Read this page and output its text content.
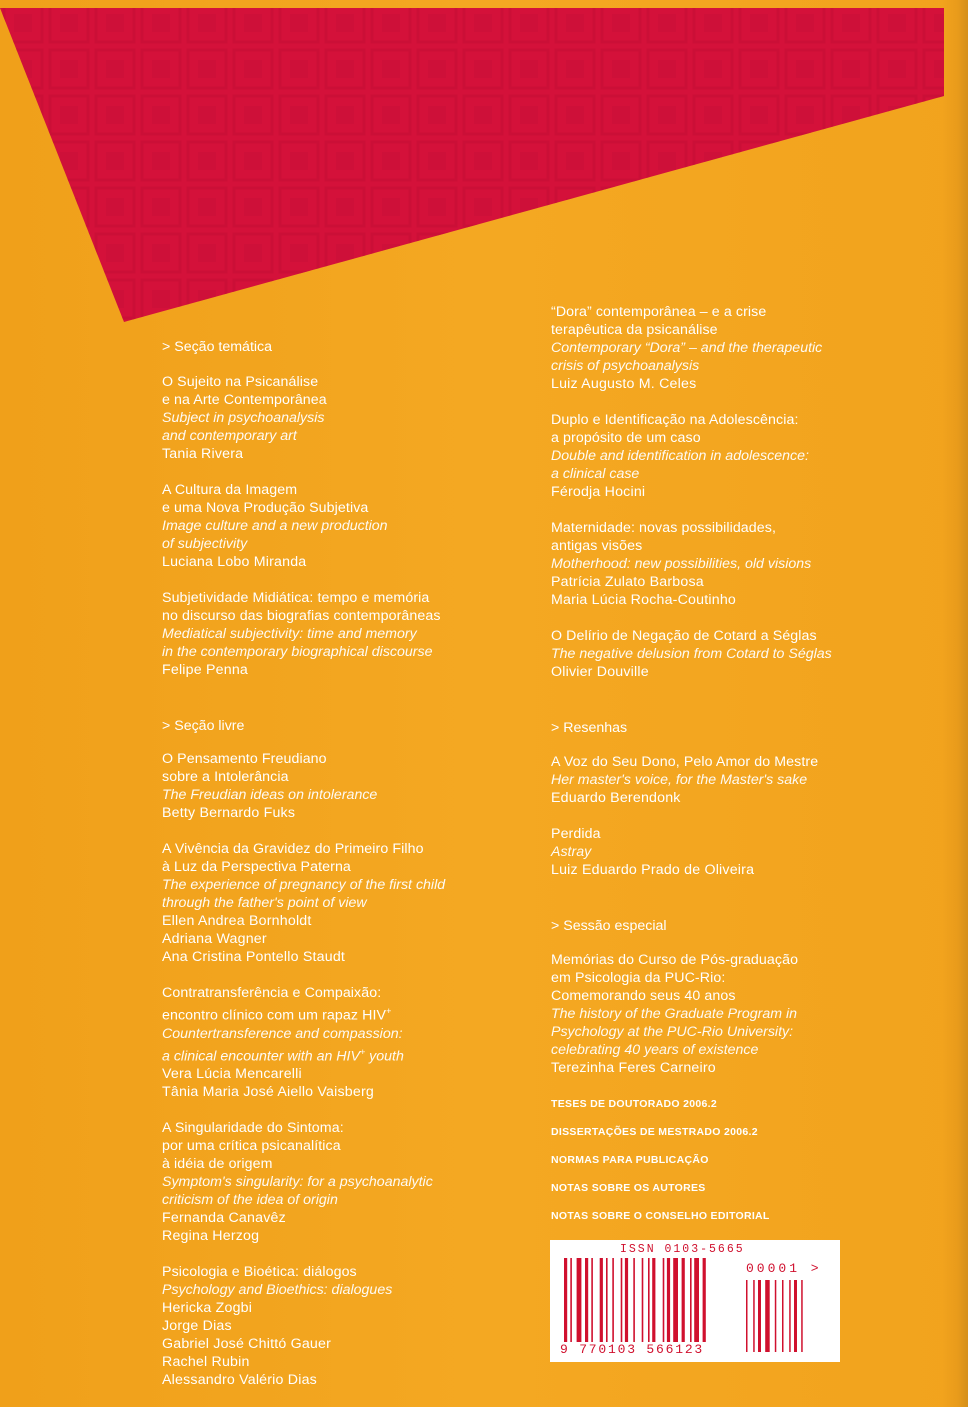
> Seção temática
O Sujeito na Psicanálise
e na Arte Contemporânea
Subject in psychoanalysis
and contemporary art
Tania Rivera
A Cultura da Imagem
e uma Nova Produção Subjetiva
Image culture and a new production
of subjectivity
Luciana Lobo Miranda
Subjetividade Midiática: tempo e memória
no discurso das biografias contemporâneas
Mediatical subjectivity: time and memory
in the contemporary biographical discourse
Felipe Penna
> Seção livre
O Pensamento Freudiano
sobre a Intolerância
The Freudian ideas on intolerance
Betty Bernardo Fuks
A Vivência da Gravidez do Primeiro Filho
à Luz da Perspectiva Paterna
The experience of pregnancy of the first child
through the father's point of view
Ellen Andrea Bornholdt
Adriana Wagner
Ana Cristina Pontello Staudt
Contratransferência e Compaixão:
encontro clínico com um rapaz HIV+
Countertransference and compassion:
a clinical encounter with an HIV+ youth
Vera Lúcia Mencarelli
Tânia Maria José Aiello Vaisberg
A Singularidade do Sintoma:
por uma crítica psicanalítica
à idéia de origem
Symptom's singularity: for a psychoanalytic
criticism of the idea of origin
Fernanda Canavêz
Regina Herzog
Psicologia e Bioética: diálogos
Psychology and Bioethics: dialogues
Hericka Zogbi
Jorge Dias
Gabriel José Chittó Gauer
Rachel Rubin
Alessandro Valério Dias
“Dora” contemporânea – e a crise
terapêutica da psicanálise
Contemporary “Dora” – and the therapeutic
crisis of psychoanalysis
Luiz Augusto M. Celes
Duplo e Identificação na Adolescência:
a propósito de um caso
Double and identification in adolescence:
a clinical case
Férodja Hocini
Maternidade: novas possibilidades,
antigas visões
Motherhood: new possibilities, old visions
Patrícia Zulato Barbosa
Maria Lúcia Rocha-Coutinho
O Delírio de Negação de Cotard a Séglas
The negative delusion from Cotard to Séglas
Olivier Douville
> Resenhas
A Voz do Seu Dono, Pelo Amor do Mestre
Her master's voice, for the Master's sake
Eduardo Berendonk
Perdida
Astray
Luiz Eduardo Prado de Oliveira
> Sessão especial
Memórias do Curso de Pós-graduação
em Psicologia da PUC-Rio:
Comemorando seus 40 anos
The history of the Graduate Program in
Psychology at the PUC-Rio University:
celebrating 40 years of existence
Terezinha Feres Carneiro
TESES DE DOUTORADO 2006.2
DISSERTAÇÕES DE MESTRADO 2006.2
NORMAS PARA PUBLICAÇÃO
NOTAS SOBRE OS AUTORES
NOTAS SOBRE O CONSELHO EDITORIAL
ISSN 0103-5665
00001 >
9 770103 566123
